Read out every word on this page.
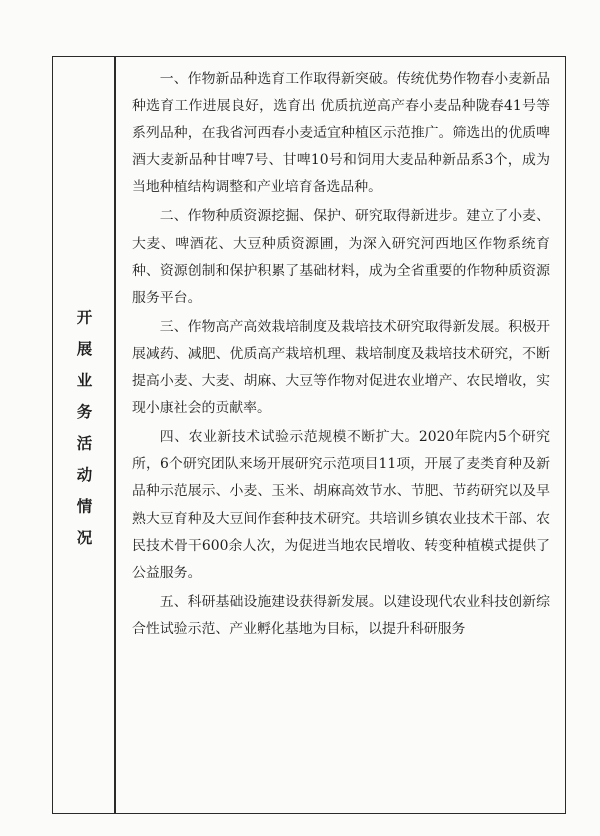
开展业务活动情况

一、作物新品种选育工作取得新突破。传统优势作物春小麦新品种选育工作进展良好，选育出 优质抗逆高产春小麦品种陇春41号等系列品种，在我省河西春小麦适宜种植区示范推广。筛选出的优质啤酒大麦新品种甘啤7号、甘啤10号和饲用大麦品种新品系3个，成为当地种植结构调整和产业培育备选品种。

二、作物种质资源挖掘、保护、研究取得新进步。建立了小麦、大麦、啤酒花、大豆种质资源圃，为深入研究河西地区作物系统育种、资源创制和保护积累了基础材料，成为全省重要的作物种质资源服务平台。

三、作物高产高效栽培制度及栽培技术研究取得新发展。积极开展减药、减肥、优质高产栽培机理、栽培制度及栽培技术研究，不断提高小麦、大麦、胡麻、大豆等作物对促进农业增产、农民增收，实现小康社会的贡献率。

四、农业新技术试验示范规模不断扩大。2020年院内5个研究所，6个研究团队来场开展研究示范项目11项，开展了麦类育种及新品种示范展示、小麦、玉米、胡麻高效节水、节肥、节药研究以及早熟大豆育种及大豆间作套种技术研究。共培训乡镇农业技术干部、农民技术骨干600余人次，为促进当地农民增收、转变种植模式提供了公益服务。

五、科研基础设施建设获得新发展。以建设现代农业科技创新综合性试验示范、产业孵化基地为目标，以提升科研服务
